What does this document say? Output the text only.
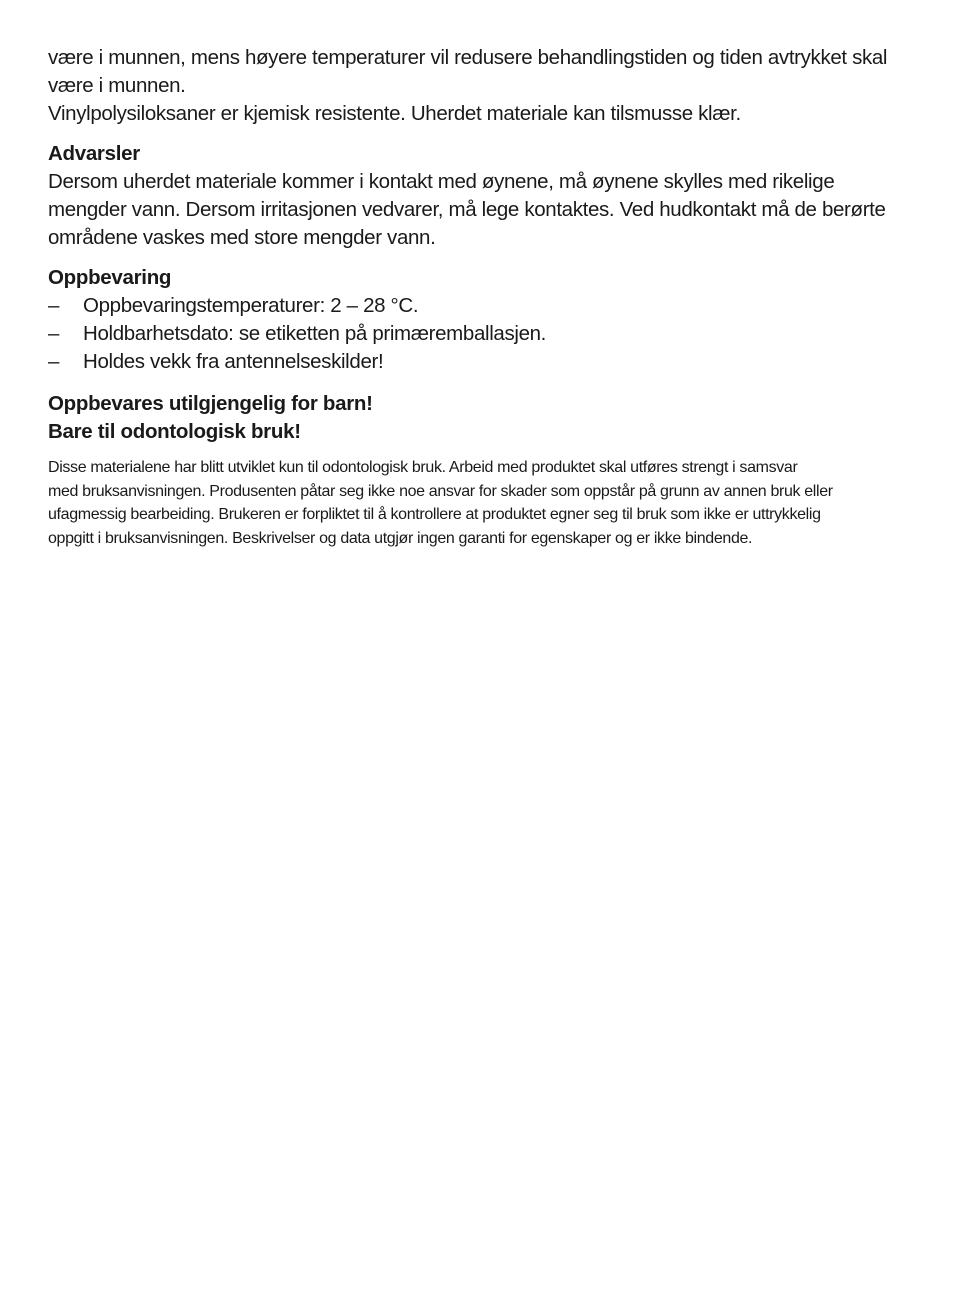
være i munnen, mens høyere temperaturer vil redusere behandlingstiden og tiden avtrykket skal

være i munnen.

Vinylpolysiloksaner er kjemisk resistente. Uherdet materiale kan tilsmusse klær.

Advarsler

Dersom uherdet materiale kommer i kontakt med øynene, må øynene skylles med rikelige

mengder vann. Dersom irritasjonen vedvarer, må lege kontaktes. Ved hudkontakt må de berørte

områdene vaskes med store mengder vann.

Oppbevaring

– Oppbevaringstemperaturer: 2 – 28 °C.
– Holdbarhetsdato: se etiketten på primæremballasjen.
– Holdes vekk fra antennelseskilder!

Oppbevares utilgjengelig for barn!

Bare til odontologisk bruk!

Disse materialene har blitt utviklet kun til odontologisk bruk. Arbeid med produktet skal utføres strengt i samsvar

med bruksanvisningen. Produsenten påtar seg ikke noe ansvar for skader som oppstår på grunn av annen bruk eller

ufagmessig bearbeiding. Brukeren er forpliktet til å kontrollere at produktet egner seg til bruk som ikke er uttrykkelig

oppgitt i bruksanvisningen. Beskrivelser og data utgjør ingen garanti for egenskaper og er ikke bindende.
